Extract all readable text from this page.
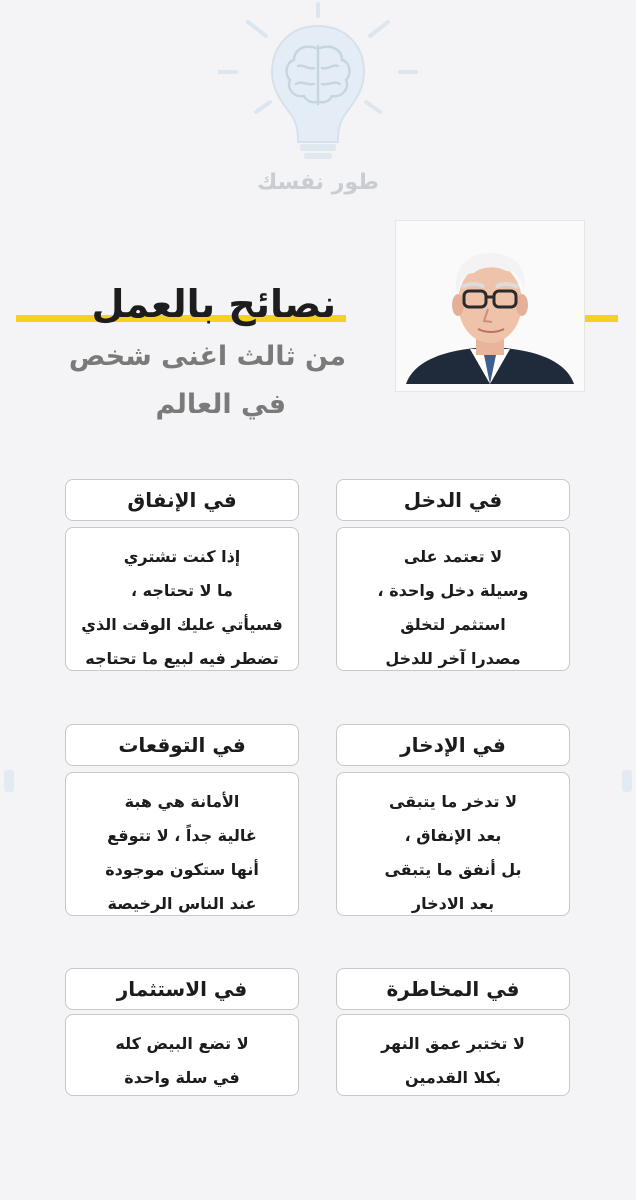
طور نفسك
نصائح بالعمل
من ثالث اغنى شخص
في العالم
في الدخل
لا تعتمد على
وسيلة دخل واحدة ،
استثمر لتخلق
مصدرا آخر للدخل
في الإنفاق
إذا كنت تشتري
ما لا تحتاجه ،
فسيأتي عليك الوقت الذي
تضطر فيه لبيع ما تحتاجه
في الإدخار
لا تدخر ما يتبقى
بعد الإنفاق ،
بل أنفق ما يتبقى
بعد الادخار
في التوقعات
الأمانة هي هبة
غالية جداً ، لا تتوقع
أنها ستكون موجودة
عند الناس الرخيصة
في المخاطرة
لا تختبر عمق النهر
بكلا القدمين
في الاستثمار
لا تضع البيض كله
في سلة واحدة
